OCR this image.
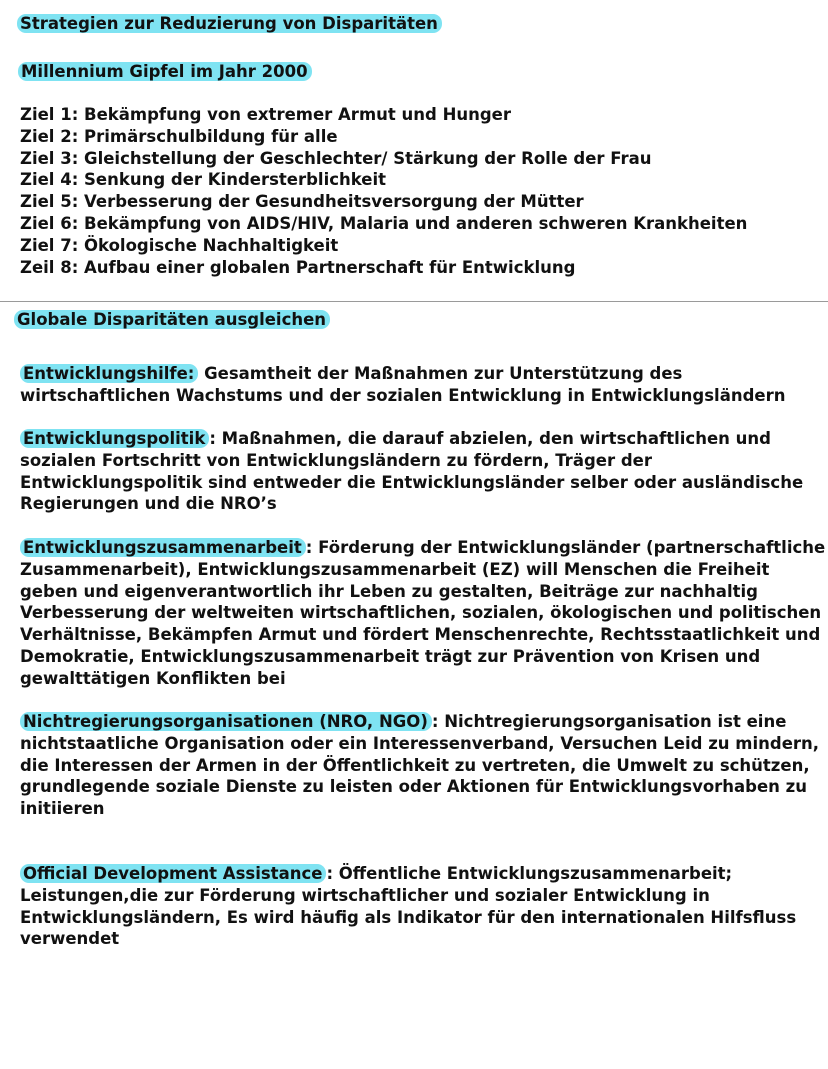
Strategien zur Reduzierung von Disparitäten
Millennium Gipfel im Jahr 2000
Ziel 1: Bekämpfung von extremer Armut und Hunger
Ziel 2: Primärschulbildung für alle
Ziel 3: Gleichstellung der Geschlechter/ Stärkung der Rolle der Frau
Ziel 4: Senkung der Kindersterblichkeit
Ziel 5: Verbesserung der Gesundheitsversorgung der Mütter
Ziel 6: Bekämpfung von AIDS/HIV, Malaria und anderen schweren Krankheiten
Ziel 7: Ökologische Nachhaltigkeit
Zeil 8: Aufbau einer globalen Partnerschaft für Entwicklung
Globale Disparitäten ausgleichen

Entwicklungshilfe: Gesamtheit der Maßnahmen zur Unterstützung des
wirtschaftlichen Wachstums und der sozialen Entwicklung in Entwicklungsländern

Entwicklungspolitik : Maßnahmen, die darauf abzielen, den wirtschaftlichen und
sozialen Fortschritt von Entwicklungsländern zu fördern, Träger der
Entwicklungspolitik sind entweder die Entwicklungsländer selber oder ausländische
Regierungen und die NRO’s

Entwicklungszusammenarbeit : Förderung der Entwicklungsländer (partnerschaftliche
Zusammenarbeit), Entwicklungszusammenarbeit (EZ) will Menschen die Freiheit
geben und eigenverantwortlich ihr Leben zu gestalten, Beiträge zur nachhaltig
Verbesserung der weltweiten wirtschaftlichen, sozialen, ökologischen und politischen
Verhältnisse, Bekämpfen Armut und fördert Menschenrechte, Rechtsstaatlichkeit und
Demokratie, Entwicklungszusammenarbeit trägt zur Prävention von Krisen und
gewalttätigen Konflikten bei

Nichtregierungsorganisationen (NRO, NGO) : Nichtregierungsorganisation ist eine
nichtstaatliche Organisation oder ein Interessenverband, Versuchen Leid zu mindern,
die Interessen der Armen in der Öffentlichkeit zu vertreten, die Umwelt zu schützen,
grundlegende soziale Dienste zu leisten oder Aktionen für Entwicklungsvorhaben zu
initiieren

Official Development Assistance : Öffentliche Entwicklungszusammenarbeit;
Leistungen,die zur Förderung wirtschaftlicher und sozialer Entwicklung in
Entwicklungsländern, Es wird häufig als Indikator für den internationalen Hilfsfluss
verwendet
